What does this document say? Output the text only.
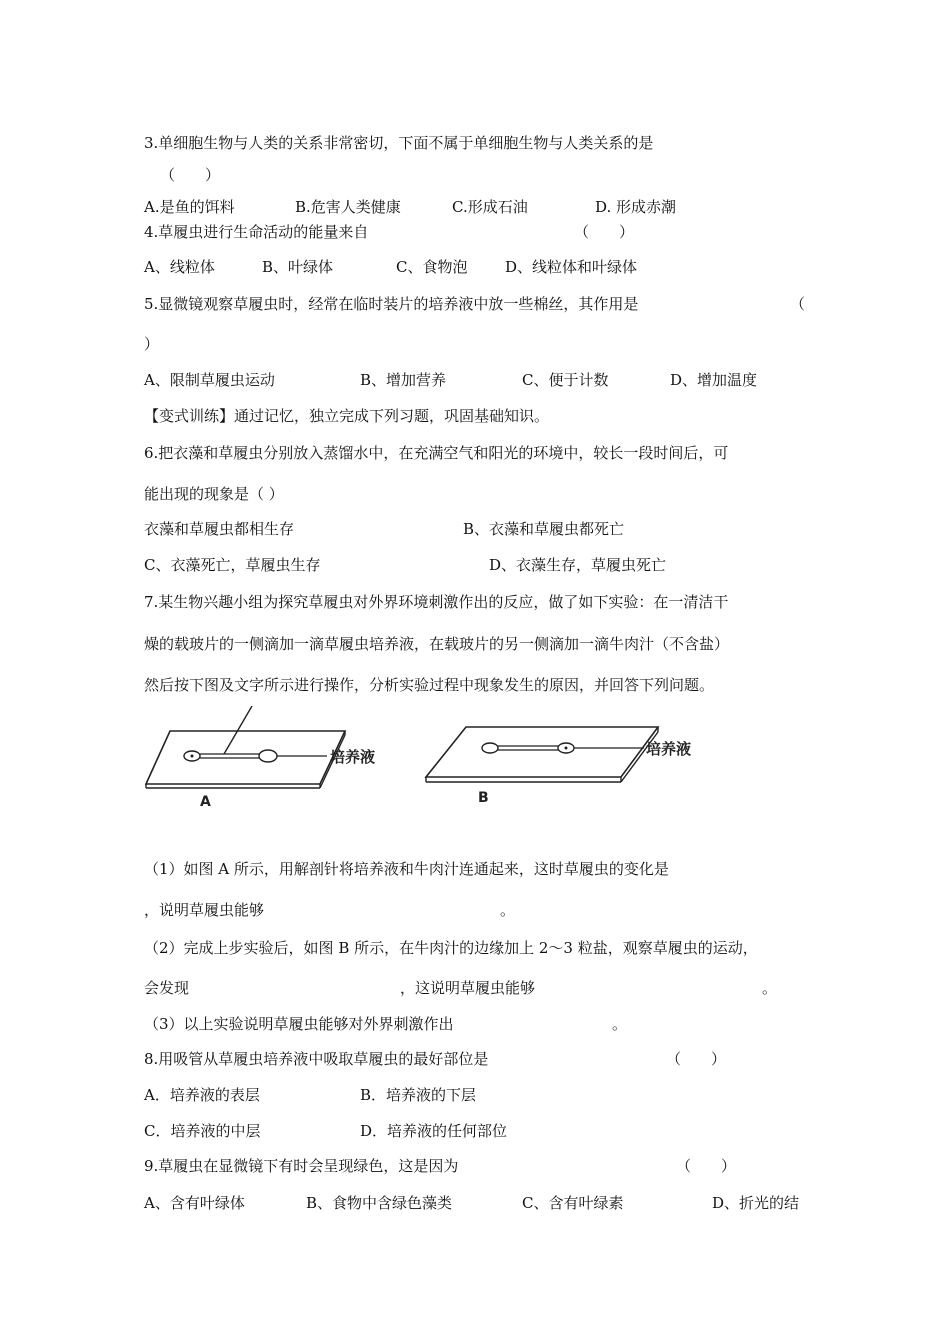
3.单细胞生物与人类的关系非常密切，下面不属于单细胞生物与人类关系的是
（　　）
A.是鱼的饵料	B.危害人类健康	C.形成石油	D. 形成赤潮
4.草履虫进行生命活动的能量来自	（　　）
A、线粒体	B、叶绿体	C、食物泡	D、线粒体和叶绿体
5.显微镜观察草履虫时，经常在临时装片的培养液中放一些棉丝，其作用是	（
）
A、限制草履虫运动	B、增加营养	C、便于计数	D、增加温度
【变式训练】通过记忆，独立完成下列习题，巩固基础知识。
6.把衣藻和草履虫分别放入蒸馏水中，在充满空气和阳光的环境中，较长一段时间后，可
能出现的现象是（ ）
衣藻和草履虫都相生存	B、衣藻和草履虫都死亡
C、衣藻死亡，草履虫生存	D、衣藻生存，草履虫死亡
7.某生物兴趣小组为探究草履虫对外界环境刺激作出的反应，做了如下实验：在一清洁干
燥的载玻片的一侧滴加一滴草履虫培养液，在载玻片的另一侧滴加一滴牛肉汁（不含盐）
然后按下图及文字所示进行操作，分析实验过程中现象发生的原因，并回答下列问题。
培养液
A
培养液
B
（1）如图 A 所示，用解剖针将培养液和牛肉汁连通起来，这时草履虫的变化是
，说明草履虫能够	。
（2）完成上步实验后，如图 B 所示，在牛肉汁的边缘加上 2～3 粒盐，观察草履虫的运动，
会发现	，这说明草履虫能够	。
（3）以上实验说明草履虫能够对外界刺激作出	。
8.用吸管从草履虫培养液中吸取草履虫的最好部位是	（　　）
A．培养液的表层	B．培养液的下层
C．培养液的中层	D．培养液的任何部位
9.草履虫在显微镜下有时会呈现绿色，这是因为	（　　）
A、含有叶绿体	B、食物中含绿色藻类	C、含有叶绿素	D、折光的结
